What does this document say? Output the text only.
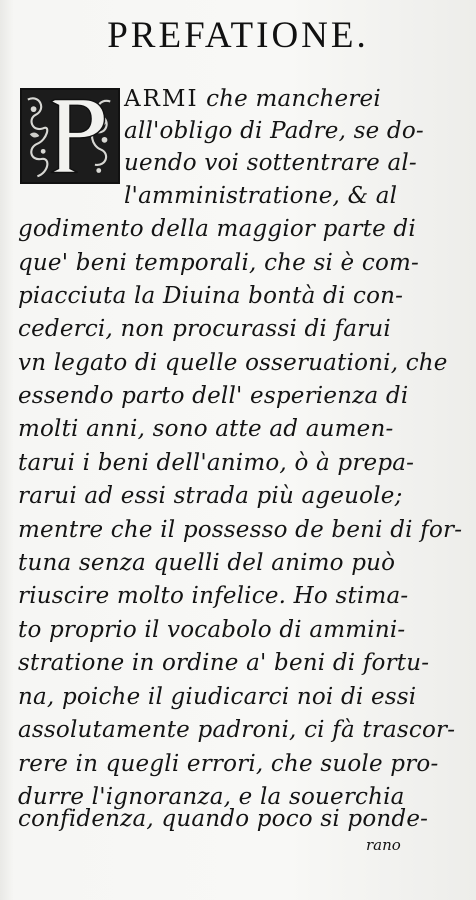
PREFATIONE.
ARMI che mancherei
all'obligo di Padre, se do-
uendo voi sottentrare al-
l'amministratione, & al
godimento della maggior parte di
que' beni temporali, che si è com-
piacciuta la Diuina bontà di con-
cederci, non procurassi di farui
vn legato di quelle osseruationi, che
essendo parto dell' esperienza di
molti anni, sono atte ad aumen-
tarui i beni dell'animo, ò à prepa-
rarui ad essi strada più ageuole;
mentre che il possesso de beni di for-
tuna senza quelli del animo può
riuscire molto infelice. Ho stima-
to proprio il vocabolo di ammini-
stratione in ordine a' beni di fortu-
na, poiche il giudicarci noi di essi
assolutamente padroni, ci fà trascor-
rere in quegli errori, che suole pro-
durre l'ignoranza, e la souerchia
confidenza, quando poco si ponde-
rano
